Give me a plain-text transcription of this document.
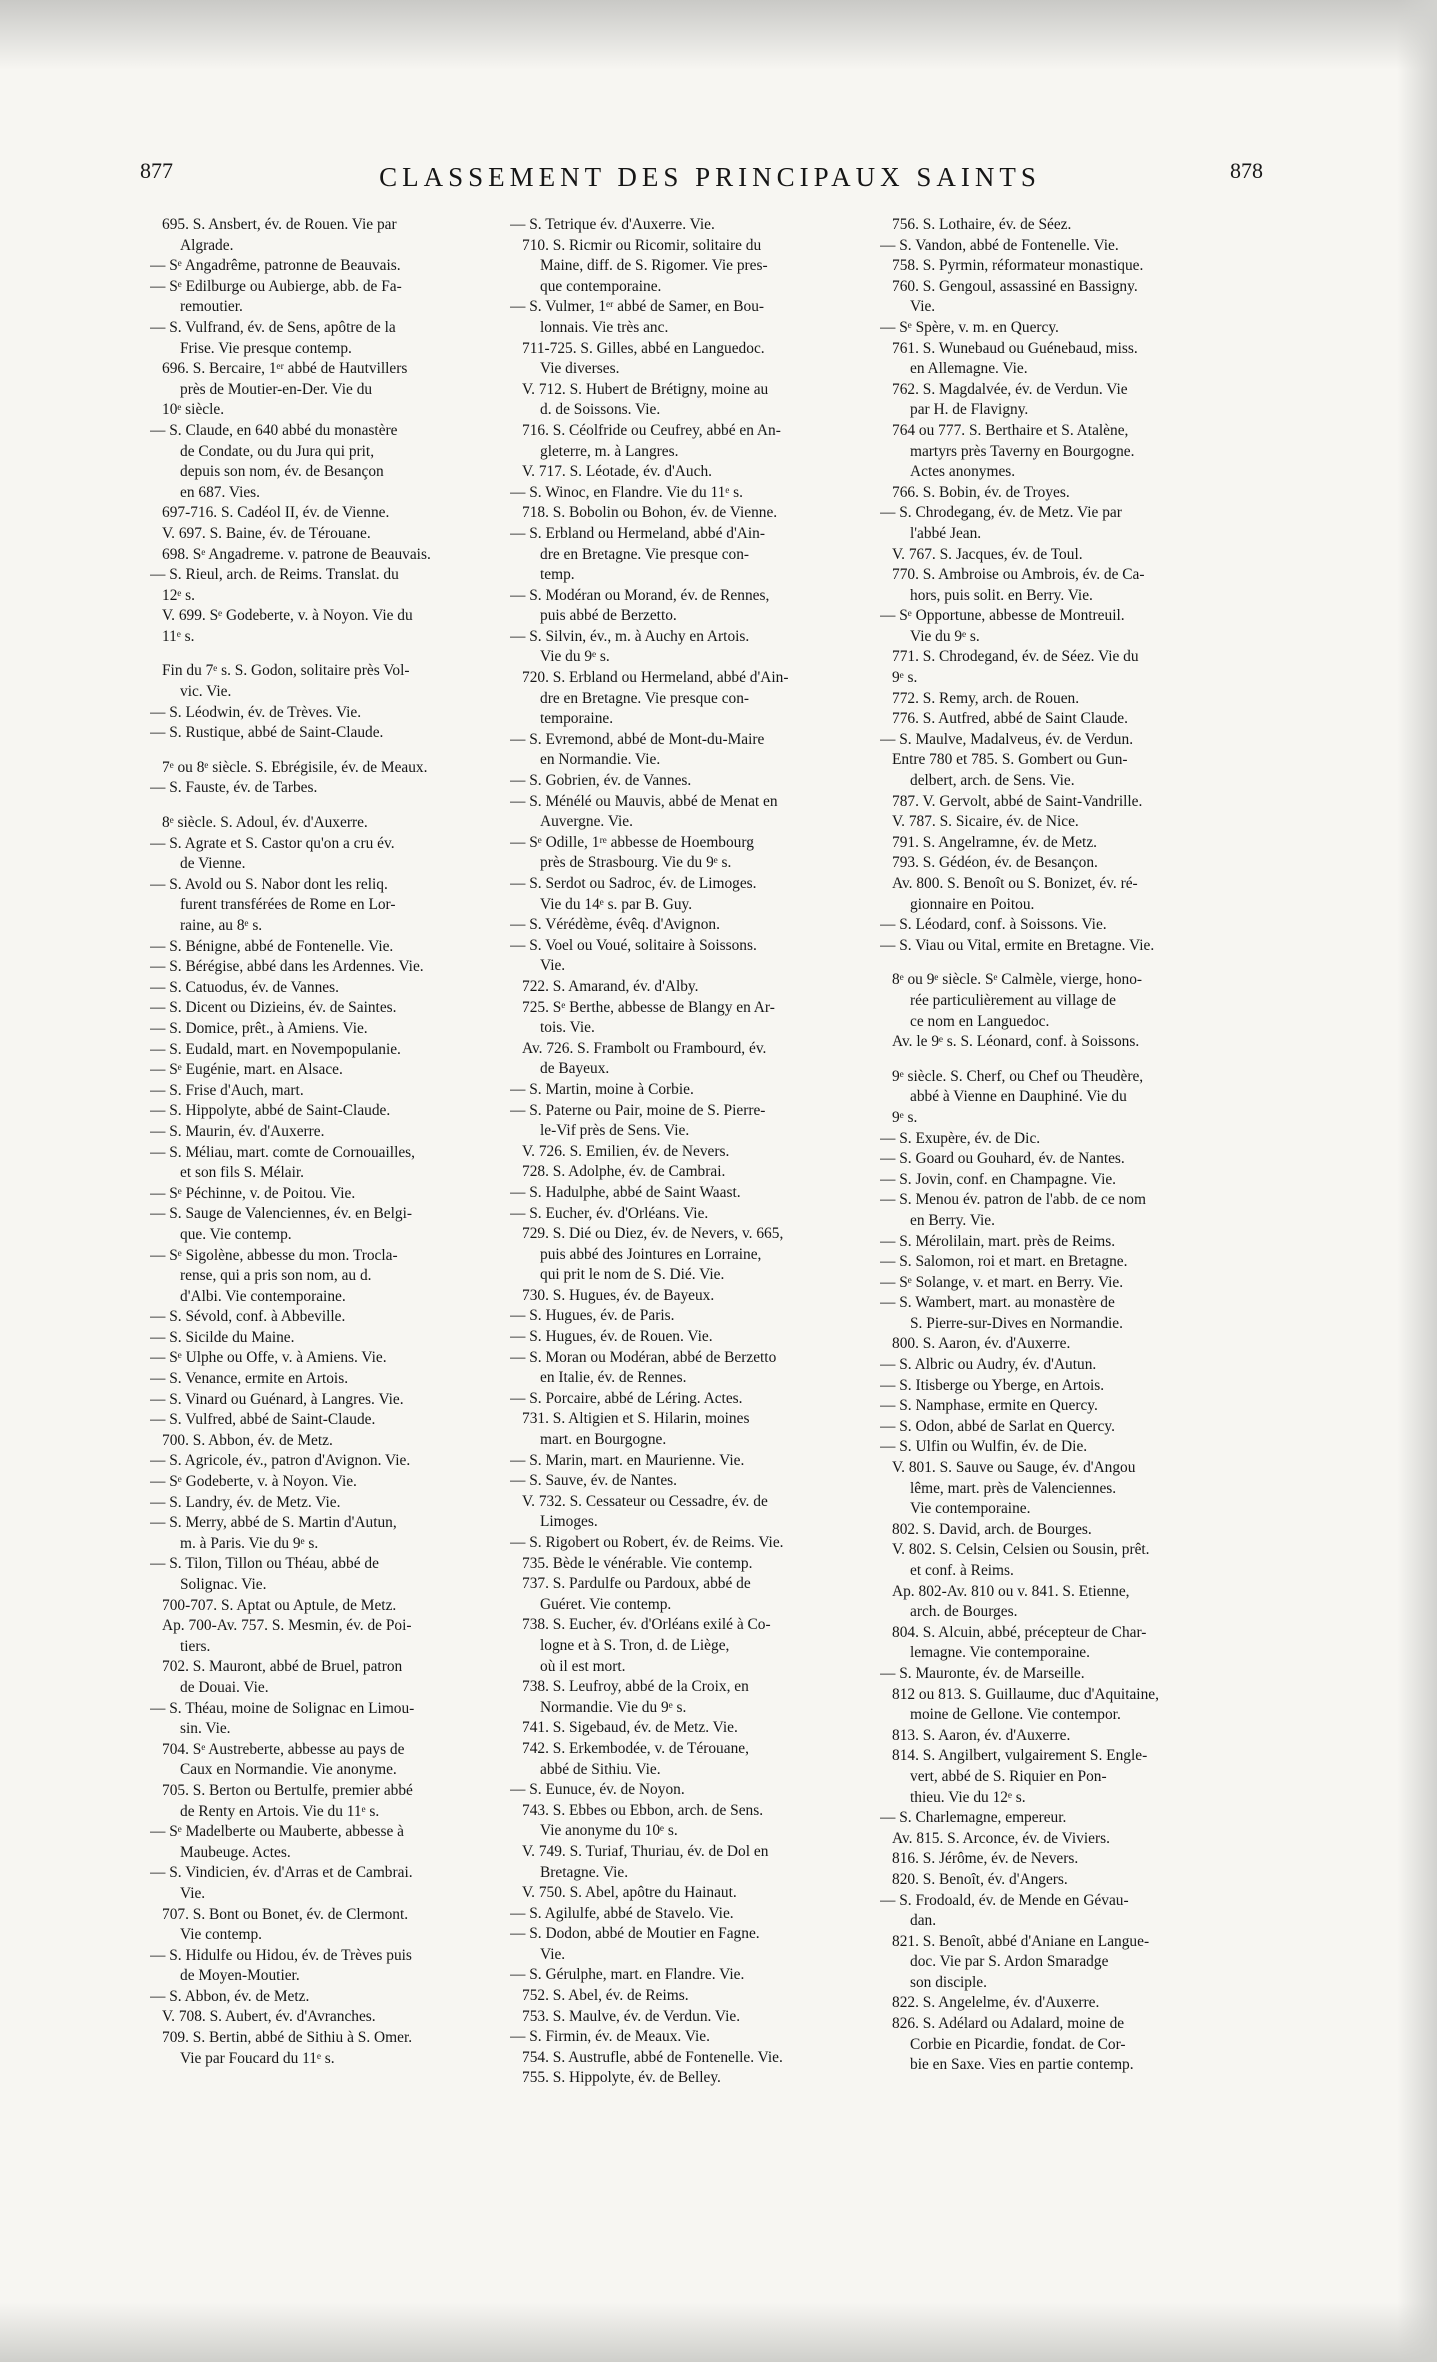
877	CLASSEMENT DES PRINCIPAUX SAINTS	878
695. S. Ansbert, év. de Rouen. Vie par
Algrade.
— Sᵉ Angadrême, patronne de Beauvais.
— Sᵉ Edilburge ou Aubierge, abb. de Fa-
remoutier.
— S. Vulfrand, év. de Sens, apôtre de la
Frise. Vie presque contemp.
696. S. Bercaire, 1ᵉʳ abbé de Hautvillers
près de Moutier-en-Der. Vie du
10ᵉ siècle.
— S. Claude, en 640 abbé du monastère
de Condate, ou du Jura qui prit,
depuis son nom, év. de Besançon
en 687. Vies.
697-716. S. Cadéol II, év. de Vienne.
V. 697. S. Baine, év. de Térouane.
698. Sᵉ Angadreme. v. patrone de Beauvais.
— S. Rieul, arch. de Reims. Translat. du
12ᵉ s.
V. 699. Sᵉ Godeberte, v. à Noyon. Vie du
11ᵉ s.
Fin du 7ᵉ s. S. Godon, solitaire près Vol-
vic. Vie.
— S. Léodwin, év. de Trèves. Vie.
— S. Rustique, abbé de Saint-Claude.
7ᵉ ou 8ᵉ siècle. S. Ebrégisile, év. de Meaux.
— S. Fauste, év. de Tarbes.
8ᵉ siècle. S. Adoul, év. d'Auxerre.
— S. Agrate et S. Castor qu'on a cru év.
de Vienne.
— S. Avold ou S. Nabor dont les reliq.
furent transférées de Rome en Lor-
raine, au 8ᵉ s.
— S. Bénigne, abbé de Fontenelle. Vie.
— S. Bérégise, abbé dans les Ardennes. Vie.
— S. Catuodus, év. de Vannes.
— S. Dicent ou Dizieins, év. de Saintes.
— S. Domice, prêt., à Amiens. Vie.
— S. Eudald, mart. en Novempopulanie.
— Sᵉ Eugénie, mart. en Alsace.
— S. Frise d'Auch, mart.
— S. Hippolyte, abbé de Saint-Claude.
— S. Maurin, év. d'Auxerre.
— S. Méliau, mart. comte de Cornouailles,
et son fils S. Mélair.
— Sᵉ Péchinne, v. de Poitou. Vie.
— S. Sauge de Valenciennes, év. en Belgi-
que. Vie contemp.
— Sᵉ Sigolène, abbesse du mon. Trocla-
rense, qui a pris son nom, au d.
d'Albi. Vie contemporaine.
— S. Sévold, conf. à Abbeville.
— S. Sicilde du Maine.
— Sᵉ Ulphe ou Offe, v. à Amiens. Vie.
— S. Venance, ermite en Artois.
— S. Vinard ou Guénard, à Langres. Vie.
— S. Vulfred, abbé de Saint-Claude.
700. S. Abbon, év. de Metz.
— S. Agricole, év., patron d'Avignon. Vie.
— Sᵉ Godeberte, v. à Noyon. Vie.
— S. Landry, év. de Metz. Vie.
— S. Merry, abbé de S. Martin d'Autun,
m. à Paris. Vie du 9ᵉ s.
— S. Tilon, Tillon ou Théau, abbé de
Solignac. Vie.
700-707. S. Aptat ou Aptule, de Metz.
Ap. 700-Av. 757. S. Mesmin, év. de Poi-
tiers.
702. S. Mauront, abbé de Bruel, patron
de Douai. Vie.
— S. Théau, moine de Solignac en Limou-
sin. Vie.
704. Sᵉ Austreberte, abbesse au pays de
Caux en Normandie. Vie anonyme.
705. S. Berton ou Bertulfe, premier abbé
de Renty en Artois. Vie du 11ᵉ s.
— Sᵉ Madelberte ou Mauberte, abbesse à
Maubeuge. Actes.
— S. Vindicien, év. d'Arras et de Cambrai.
Vie.
707. S. Bont ou Bonet, év. de Clermont.
Vie contemp.
— S. Hidulfe ou Hidou, év. de Trèves puis
de Moyen-Moutier.
— S. Abbon, év. de Metz.
V. 708. S. Aubert, év. d'Avranches.
709. S. Bertin, abbé de Sithiu à S. Omer.
Vie par Foucard du 11ᵉ s.
— S. Tetrique év. d'Auxerre. Vie.
710. S. Ricmir ou Ricomir, solitaire du
Maine, diff. de S. Rigomer. Vie pres-
que contemporaine.
— S. Vulmer, 1ᵉʳ abbé de Samer, en Bou-
lonnais. Vie très anc.
711-725. S. Gilles, abbé en Languedoc.
Vie diverses.
V. 712. S. Hubert de Brétigny, moine au
d. de Soissons. Vie.
716. S. Céolfride ou Ceufrey, abbé en An-
gleterre, m. à Langres.
V. 717. S. Léotade, év. d'Auch.
— S. Winoc, en Flandre. Vie du 11ᵉ s.
718. S. Bobolin ou Bohon, év. de Vienne.
— S. Erbland ou Hermeland, abbé d'Ain-
dre en Bretagne. Vie presque con-
temp.
— S. Modéran ou Morand, év. de Rennes,
puis abbé de Berzetto.
— S. Silvin, év., m. à Auchy en Artois.
Vie du 9ᵉ s.
720. S. Erbland ou Hermeland, abbé d'Ain-
dre en Bretagne. Vie presque con-
temporaine.
— S. Evremond, abbé de Mont-du-Maire
en Normandie. Vie.
— S. Gobrien, év. de Vannes.
— S. Ménélé ou Mauvis, abbé de Menat en
Auvergne. Vie.
— Sᵉ Odille, 1ʳᵉ abbesse de Hoembourg
près de Strasbourg. Vie du 9ᵉ s.
— S. Serdot ou Sadroc, év. de Limoges.
Vie du 14ᵉ s. par B. Guy.
— S. Vérédème, évêq. d'Avignon.
— S. Voel ou Voué, solitaire à Soissons.
Vie.
722. S. Amarand, év. d'Alby.
725. Sᵉ Berthe, abbesse de Blangy en Ar-
tois. Vie.
Av. 726. S. Frambolt ou Frambourd, év.
de Bayeux.
— S. Martin, moine à Corbie.
— S. Paterne ou Pair, moine de S. Pierre-
le-Vif près de Sens. Vie.
V. 726. S. Emilien, év. de Nevers.
728. S. Adolphe, év. de Cambrai.
— S. Hadulphe, abbé de Saint Waast.
— S. Eucher, év. d'Orléans. Vie.
729. S. Dié ou Diez, év. de Nevers, v. 665,
puis abbé des Jointures en Lorraine,
qui prit le nom de S. Dié. Vie.
730. S. Hugues, év. de Bayeux.
— S. Hugues, év. de Paris.
— S. Hugues, év. de Rouen. Vie.
— S. Moran ou Modéran, abbé de Berzetto
en Italie, év. de Rennes.
— S. Porcaire, abbé de Léring. Actes.
731. S. Altigien et S. Hilarin, moines
mart. en Bourgogne.
— S. Marin, mart. en Maurienne. Vie.
— S. Sauve, év. de Nantes.
V. 732. S. Cessateur ou Cessadre, év. de
Limoges.
— S. Rigobert ou Robert, év. de Reims. Vie.
735. Bède le vénérable. Vie contemp.
737. S. Pardulfe ou Pardoux, abbé de
Guéret. Vie contemp.
738. S. Eucher, év. d'Orléans exilé à Co-
logne et à S. Tron, d. de Liège,
où il est mort.
738. S. Leufroy, abbé de la Croix, en
Normandie. Vie du 9ᵉ s.
741. S. Sigebaud, év. de Metz. Vie.
742. S. Erkembodée, v. de Térouane,
abbé de Sithiu. Vie.
— S. Eunuce, év. de Noyon.
743. S. Ebbes ou Ebbon, arch. de Sens.
Vie anonyme du 10ᵉ s.
V. 749. S. Turiaf, Thuriau, év. de Dol en
Bretagne. Vie.
V. 750. S. Abel, apôtre du Hainaut.
— S. Agilulfe, abbé de Stavelo. Vie.
— S. Dodon, abbé de Moutier en Fagne.
Vie.
— S. Gérulphe, mart. en Flandre. Vie.
752. S. Abel, év. de Reims.
753. S. Maulve, év. de Verdun. Vie.
— S. Firmin, év. de Meaux. Vie.
754. S. Austrufle, abbé de Fontenelle. Vie.
755. S. Hippolyte, év. de Belley.
756. S. Lothaire, év. de Séez.
— S. Vandon, abbé de Fontenelle. Vie.
758. S. Pyrmin, réformateur monastique.
760. S. Gengoul, assassiné en Bassigny.
Vie.
— Sᵉ Spère, v. m. en Quercy.
761. S. Wunebaud ou Guénebaud, miss.
en Allemagne. Vie.
762. S. Magdalvée, év. de Verdun. Vie
par H. de Flavigny.
764 ou 777. S. Berthaire et S. Atalène,
martyrs près Taverny en Bourgogne.
Actes anonymes.
766. S. Bobin, év. de Troyes.
— S. Chrodegang, év. de Metz. Vie par
l'abbé Jean.
V. 767. S. Jacques, év. de Toul.
770. S. Ambroise ou Ambrois, év. de Ca-
hors, puis solit. en Berry. Vie.
— Sᵉ Opportune, abbesse de Montreuil.
Vie du 9ᵉ s.
771. S. Chrodegand, év. de Séez. Vie du
9ᵉ s.
772. S. Remy, arch. de Rouen.
776. S. Autfred, abbé de Saint Claude.
— S. Maulve, Madalveus, év. de Verdun.
Entre 780 et 785. S. Gombert ou Gun-
delbert, arch. de Sens. Vie.
787. V. Gervolt, abbé de Saint-Vandrille.
V. 787. S. Sicaire, év. de Nice.
791. S. Angelramne, év. de Metz.
793. S. Gédéon, év. de Besançon.
Av. 800. S. Benoît ou S. Bonizet, év. ré-
gionnaire en Poitou.
— S. Léodard, conf. à Soissons. Vie.
— S. Viau ou Vital, ermite en Bretagne. Vie.
8ᵉ ou 9ᵉ siècle. Sᵉ Calmèle, vierge, hono-
rée particulièrement au village de
ce nom en Languedoc.
Av. le 9ᵉ s. S. Léonard, conf. à Soissons.
9ᵉ siècle. S. Cherf, ou Chef ou Theudère,
abbé à Vienne en Dauphiné. Vie du
9ᵉ s.
— S. Exupère, év. de Dic.
— S. Goard ou Gouhard, év. de Nantes.
— S. Jovin, conf. en Champagne. Vie.
— S. Menou év. patron de l'abb. de ce nom
en Berry. Vie.
— S. Mérolilain, mart. près de Reims.
— S. Salomon, roi et mart. en Bretagne.
— Sᵉ Solange, v. et mart. en Berry. Vie.
— S. Wambert, mart. au monastère de
S. Pierre-sur-Dives en Normandie.
800. S. Aaron, év. d'Auxerre.
— S. Albric ou Audry, év. d'Autun.
— S. Itisberge ou Yberge, en Artois.
— S. Namphase, ermite en Quercy.
— S. Odon, abbé de Sarlat en Quercy.
— S. Ulfin ou Wulfin, év. de Die.
V. 801. S. Sauve ou Sauge, év. d'Angou
lême, mart. près de Valenciennes.
Vie contemporaine.
802. S. David, arch. de Bourges.
V. 802. S. Celsin, Celsien ou Sousin, prêt.
et conf. à Reims.
Ap. 802-Av. 810 ou v. 841. S. Etienne,
arch. de Bourges.
804. S. Alcuin, abbé, précepteur de Char-
lemagne. Vie contemporaine.
— S. Mauronte, év. de Marseille.
812 ou 813. S. Guillaume, duc d'Aquitaine,
moine de Gellone. Vie contempor.
813. S. Aaron, év. d'Auxerre.
814. S. Angilbert, vulgairement S. Engle-
vert, abbé de S. Riquier en Pon-
thieu. Vie du 12ᵉ s.
— S. Charlemagne, empereur.
Av. 815. S. Arconce, év. de Viviers.
816. S. Jérôme, év. de Nevers.
820. S. Benoît, év. d'Angers.
— S. Frodoald, év. de Mende en Gévau-
dan.
821. S. Benoît, abbé d'Aniane en Langue-
doc. Vie par S. Ardon Smaradge
son disciple.
822. S. Angelelme, év. d'Auxerre.
826. S. Adélard ou Adalard, moine de
Corbie en Picardie, fondat. de Cor-
bie en Saxe. Vies en partie contemp.
